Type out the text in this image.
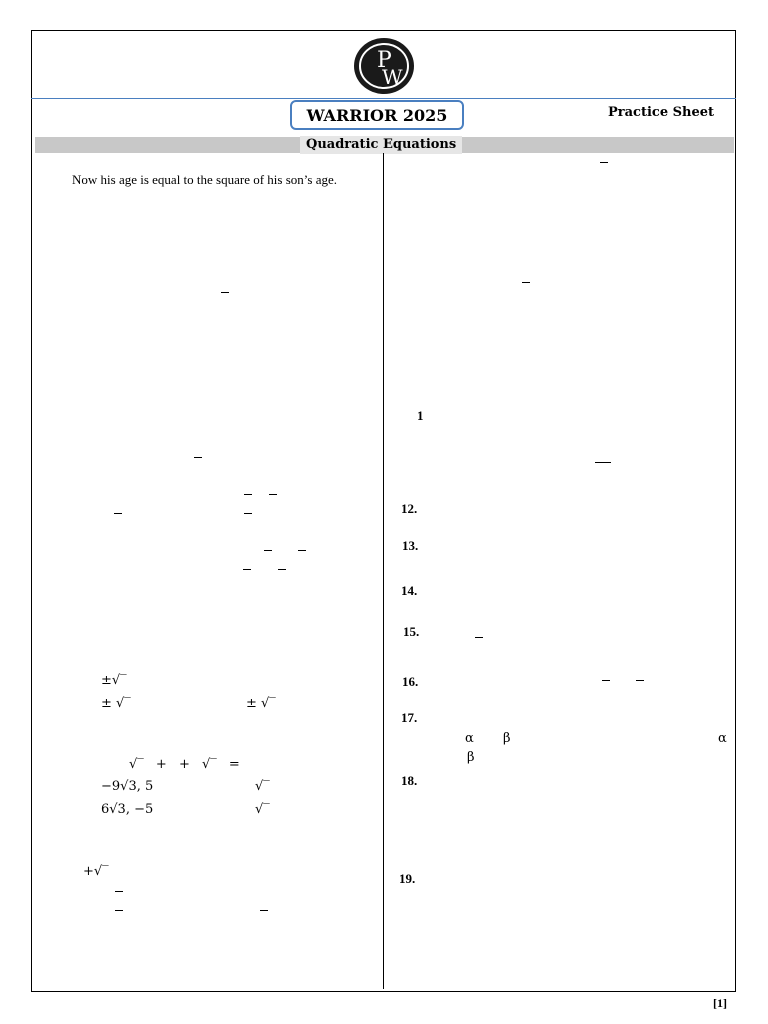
P
W
WARRIOR 2025	Practice Sheet
Quadratic Equations
Now his age is equal to the square of his son’s age.
±√‾
± √‾	± √‾
√‾ + + √‾ =
−9√3, 5	√‾
6√3, −5	√‾
+√‾
1
12.
13.
14.
15.
16.
17.
α β	α
β
18.
19.
[1]
